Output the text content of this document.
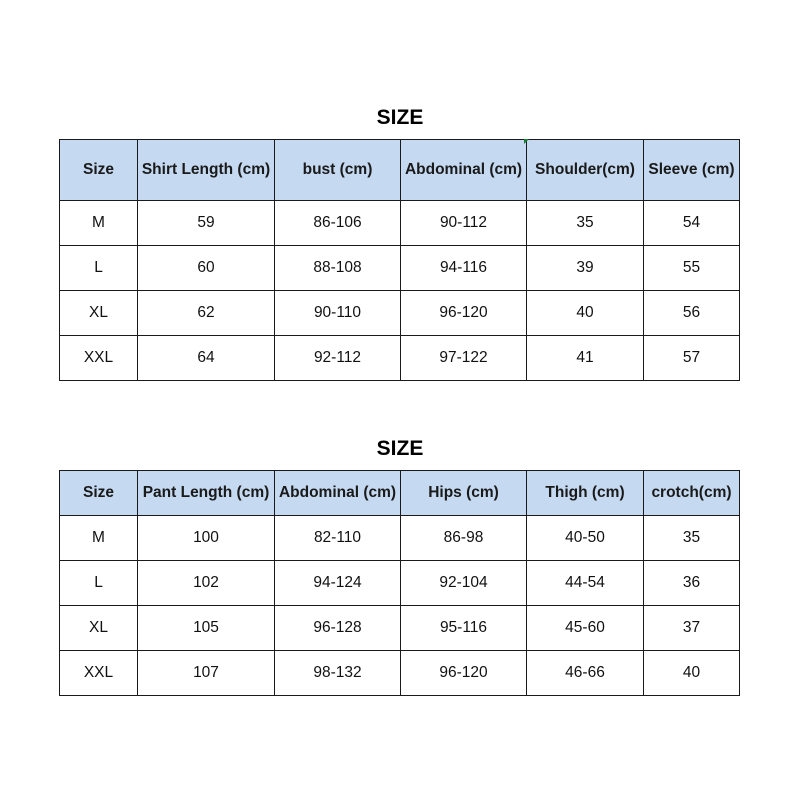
SIZE
Size	Shirt Length (cm)	bust (cm)	Abdominal (cm)	Shoulder(cm)	Sleeve (cm)
M	59	86-106	90-112	35	54
L	60	88-108	94-116	39	55
XL	62	90-110	96-120	40	56
XXL	64	92-112	97-122	41	57
SIZE
Size	Pant Length (cm)	Abdominal (cm)	Hips (cm)	Thigh (cm)	crotch(cm)
M	100	82-110	86-98	40-50	35
L	102	94-124	92-104	44-54	36
XL	105	96-128	95-116	45-60	37
XXL	107	98-132	96-120	46-66	40
